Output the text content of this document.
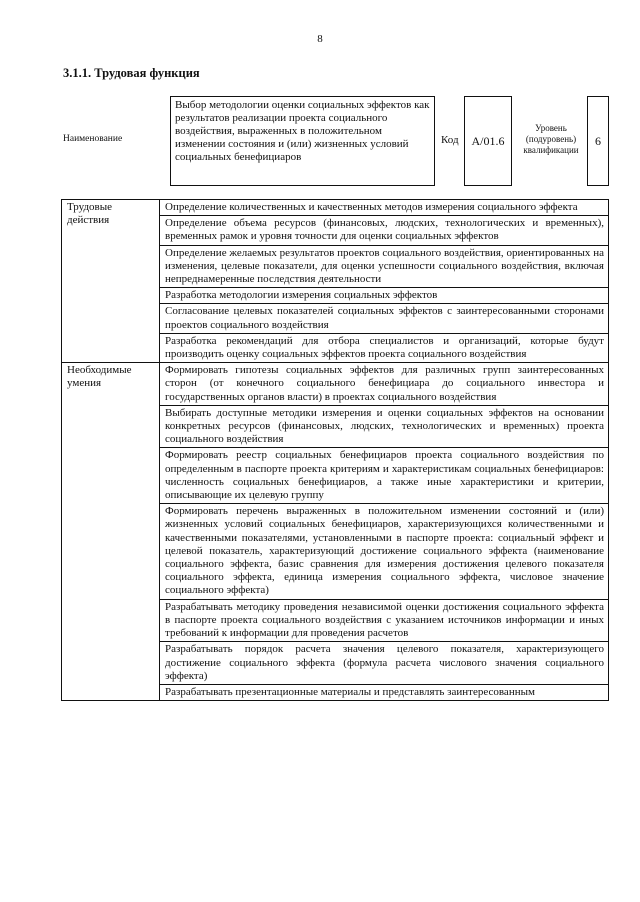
8
3.1.1. Трудовая функция
Наименование
Выбор методологии оценки социальных эффектов как результатов реализации проекта социального воздействия, выраженных в положительном изменении состояния и (или) жизненных условий социальных бенефициаров
Код	A/01.6
Уровень (подуровень) квалификации
6
Трудовые действия	Определение количественных и качественных методов измерения социального эффекта
	Определение объема ресурсов (финансовых, людских, технологических и временных), временных рамок и уровня точности для оценки социальных эффектов
	Определение желаемых результатов проектов социального воздействия, ориентированных на изменения, целевые показатели, для оценки успешности социального воздействия, включая непреднамеренные последствия деятельности
	Разработка методологии измерения социальных эффектов
	Согласование целевых показателей социальных эффектов с заинтересованными сторонами проектов социального воздействия
	Разработка рекомендаций для отбора специалистов и организаций, которые будут производить оценку социальных эффектов проекта социального воздействия
Необходимые умения	Формировать гипотезы социальных эффектов для различных групп заинтересованных сторон (от конечного социального бенефициара до социального инвестора и государственных органов власти) в проектах социального воздействия
	Выбирать доступные методики измерения и оценки социальных эффектов на основании конкретных ресурсов (финансовых, людских, технологических и временных) проекта социального воздействия
	Формировать реестр социальных бенефициаров проекта социального воздействия по определенным в паспорте проекта критериям и характеристикам социальных бенефициаров: численность социальных бенефициаров, а также иные характеристики и критерии, описывающие их целевую группу
	Формировать перечень выраженных в положительном изменении состояний и (или) жизненных условий социальных бенефициаров, характеризующихся количественными и качественными показателями, установленными в паспорте проекта: социальный эффект и целевой показатель, характеризующий достижение социального эффекта (наименование социального эффекта, базис сравнения для измерения достижения целевого показателя социального эффекта, единица измерения социального эффекта, числовое значение социального эффекта)
	Разрабатывать методику проведения независимой оценки достижения социального эффекта в паспорте проекта социального воздействия с указанием источников информации и иных требований к информации для проведения расчетов
	Разрабатывать порядок расчета значения целевого показателя, характеризующего достижение социального эффекта (формула расчета числового значения социального эффекта)
	Разрабатывать презентационные материалы и представлять заинтересованным
